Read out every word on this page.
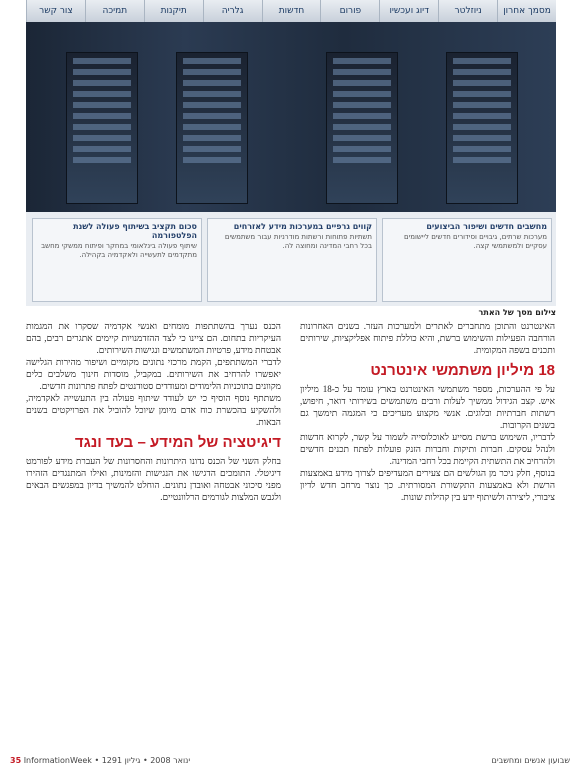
מסמך אחרון
ניוזלטר
דיוג ועכשיו
פורום
חדשות
גלריה
תיקנות
תמיכה
צור קשר
סכום תקציב בשיתוף פעולה לשנת הפלטפורמה
שיתוף פעולה בינלאומי במחקר ופיתוח ממשקי מחשב מתקדמים לתעשייה ולאקדמיה בקהילה.
קווים גרפיים במערכות מידע לאזרחים
תשתיות פתוחות ורשתות מודרניות עבור משתמשים בכל רחבי המדינה ומחוצה לה.
מחשבים חדשים ושיפור הביצועים
מערכות שרתים, גיבויים וסידורים חדשים ליישומים עסקיים ולמשתמשי קצה.
צילום מסך של האתר

האינטרנט והתוכן מתחברים לאתרים ולמערכות העזר. בשנים האחרונות הורחבה הפעילות והשימוש ברשת, והיא כוללת פיתוח אפליקציות, שירותים ותכנים בשפה המקומית.

18 מיליון משתמשי אינטרנט

על פי ההערכות, מספר משתמשי האינטרנט בארץ עומד על כ-18 מיליון איש. קצב הגידול ממשיך לעלות ורבים משתמשים בשירותי דואר, חיפוש, רשתות חברתיות ובלוגים. אנשי מקצוע מעריכים כי המגמה תימשך גם בשנים הקרובות.

לדבריו, השימוש ברשת מסייע לאוכלוסייה לשמור על קשר, לקרוא חדשות ולנהל עסקים. חברות ותיקות וחברות הזנק פועלות לפתח תכנים חדשים ולהרחיב את התשתית הקיימת בכל רחבי המדינה.

בנוסף, חלק ניכר מן הגולשים הם צעירים המעדיפים לצרוך מידע באמצעות הרשת ולא באמצעות התקשורת המסורתית. כך נוצר מרחב חדש לדיון ציבורי, ליצירה ולשיתוף ידע בין קהילות שונות.

הכנס נערך בהשתתפות מומחים ואנשי אקדמיה שסקרו את המגמות העיקריות בתחום. הם ציינו כי לצד ההזדמנויות קיימים אתגרים רבים, בהם אבטחת מידע, פרטיות המשתמשים ונגישות השירותים.

לדברי המשתתפים, הקמת מרכזי נתונים מקומיים ושיפור מהירות הגלישה יאפשרו להרחיב את השירותים. במקביל, מוסדות חינוך משלבים כלים מקוונים בתוכניות הלימודים ומעודדים סטודנטים לפתח פתרונות חדשים.

משתתף נוסף הוסיף כי יש לעודד שיתוף פעולה בין התעשייה לאקדמיה, ולהשקיע בהכשרת כוח אדם מיומן שיוכל להוביל את הפרויקטים בשנים הבאות.

דיגיטציה של המידע – בעד ונגד

בחלק השני של הכנס נדונו היתרונות והחסרונות של העברת מידע לפורמט דיגיטלי. התומכים הדגישו את הנגישות והזמינות, ואילו המתנגדים הזהירו מפני סיכוני אבטחה ואובדן נתונים. הוחלט להמשיך בדיון במפגשים הבאים ולגבש המלצות לגורמים הרלוונטיים.

35 InformationWeek • ינואר 2008 • גיליון 1291	שבועון אנשים ומחשבים
